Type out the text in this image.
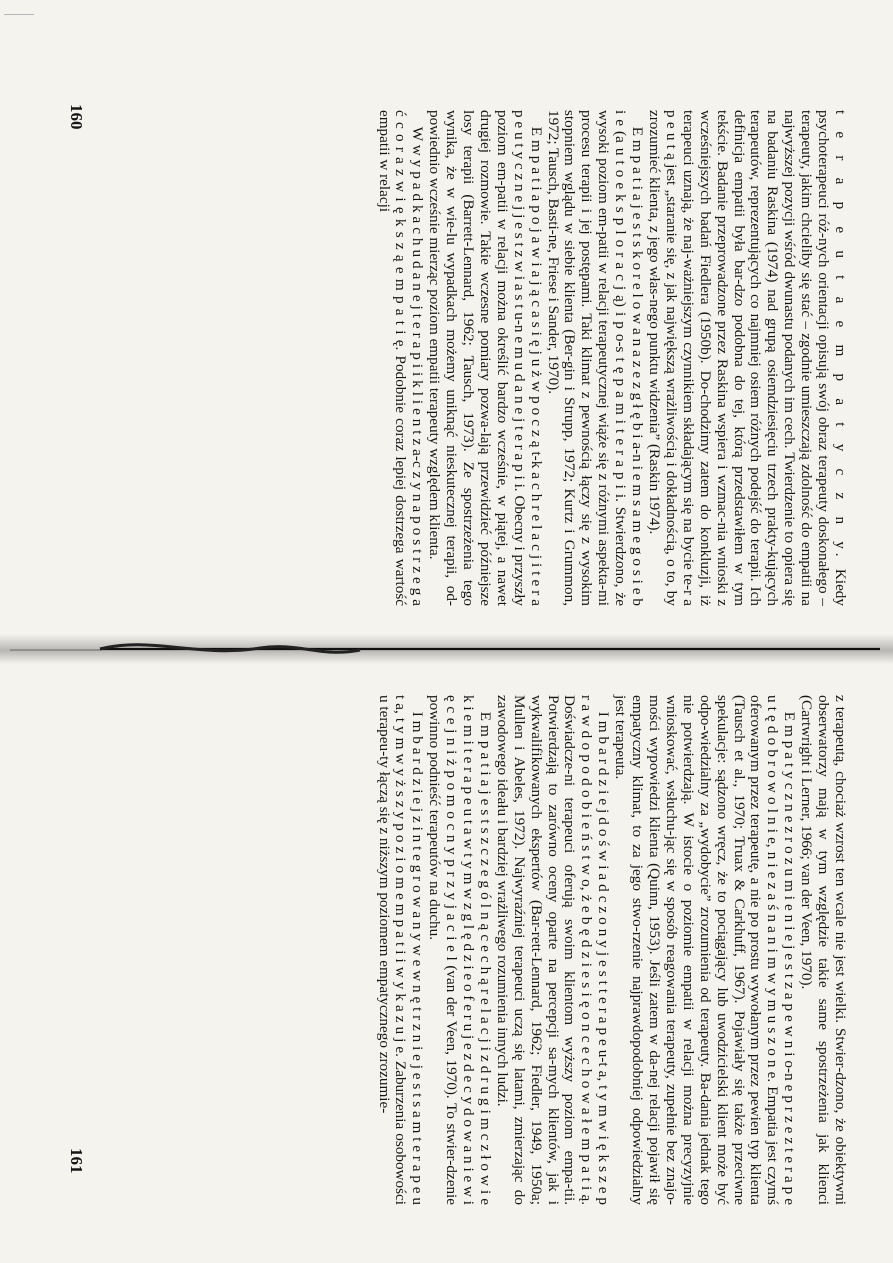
t e r a p e u t a e m p a t y c z n y. Kiedy psychoterapeuci róż-nych orientacji opisują swój obraz terapeuty doskonałego – terapeuty, jakim chcieliby się stać – zgodnie umieszczają zdolność do empatii na najwyższej pozycji wśród dwunastu podanych im cech. Twierdzenie to opiera się na badaniu Raskina (1974) nad grupą osiemdziesięciu trzech prakty-kujących terapeutów, reprezentujących co najmniej osiem różnych podejść do terapii. Ich definicja empatii była bar-dzo podobna do tej, którą przedstawiłem w tym tekście. Badanie przeprowadzone przez Raskina wspiera i wzmac-nia wnioski z wcześniejszych badań Fiedlera (1950b). Do-chodzimy zatem do konkluzji, iż terapeuci uznają, że naj-ważniejszym czynnikiem składającym się na bycie te-r a p e u t ą jest „staranie się, z jak największą wrażliwością i dokładnością, o to, by zrozumieć klienta, z jego włas-nego punktu widzenia” (Raskin 1974).

E m p a t i a j e s t s k o r e l o w a n a z e z g ł ę b i a-n i e m s a m e g o s i e b i e (a u t o e k s p l o r a c j ą) i p o-s t ę p a m i t e r a p i i. Stwierdzono, że wysoki poziom em-patii w relacji terapeutycznej wiąże się z różnymi aspekta-mi procesu terapii i jej postępami. Taki klimat z pewnością łączy się z wysokim stopniem wglądu w siebie klienta (Ber-gin i Strupp, 1972; Kurtz i Grummon, 1972; Tausch, Basti-ne, Friese i Sander, 1970).

E m p a t i a p o j a w i a j ą c a s i ę j u ż w p o c z ą t-k a c h r e l a c j i t e r a p e u t y c z n e j j e s t z w i a s t u-n e m u d a n e j t e r a p i i. Obecny i przyszły poziom em-patii w relacji można określić bardzo wcześnie, w piątej, a nawet drugiej rozmowie. Takie wczesne pomiary pozwa-lają przewidzieć późniejsze losy terapii (Barrett-Lennard, 1962; Tausch, 1973). Ze spostrzeżenia tego wynika, że w wie-lu wypadkach możemy uniknąć nieskutecznej terapii, od-powiednio wcześnie mierząc poziom empatii terapeuty względem klienta.

W w y p a d k a c h u d a n e j t e r a p i i k l i e n t z a-c z y n a p o s t r z e g a ć c o r a z w i ę k s z ą e m p a t i ę. Podobnie coraz lepiej dostrzega wartość empatii w relacji

160

z terapeutą, chociaż wzrost ten wcale nie jest wielki. Stwier-dzono, że obiektywni obserwatorzy mają w tym względzie takie same spostrzeżenia jak klienci (Cartwright i Lerner, 1966; van der Veen, 1970).

E m p a t y c z n e z r o z u m i e n i e j e s t z a p e w n i o-n e p r z e z t e r a p e u t ę d o b r o w o l n i e, n i e z a ś n a n i m w y m u s z o n e. Empatia jest czymś oferowanym przez terapeutę, a nie po prostu wywołanym przez pewien typ klienta (Tausch et al., 1970; Truax & Carkhuff, 1967). Pojawiały się także przeciwne spekulacje: sądzono wręcz, że to pociągający lub uwodzicielski klient może być odpo-wiedzialny za „wydobycie” zrozumienia od terapeuty. Ba-dania jednak tego nie potwierdzają. W istocie o poziomie empatii w relacji można precyzyjnie wnioskować, wsłuchu-jąc się w sposób reagowania terapeuty, zupełnie bez znajo-mości wypowiedzi klienta (Quinn, 1953). Jeśli zatem w da-nej relacji pojawił się empatyczny klimat, to za jego stwo-rzenie najprawdopodobniej odpowiedzialny jest terapeuta.

I m b a r d z i e j d o ś w i a d c z o n y j e s t t e r a p e u-t a, t y m w i ę k s z e p r a w d o p o d o b i e ń s t w o, ż e b ę d z i e s i ę o n c e c h o w a ł e m p a t i ą. Doświadcze-ni terapeuci oferują swoim klientom wyższy poziom empa-tii. Potwierdzają to zarówno oceny oparte na percepcji sa-mych klientów, jak i wykwalifikowanych ekspertów (Bar-rett-Lennard, 1962; Fiedler, 1949, 1950a; Mullen i Abeles, 1972). Najwyraźniej terapeuci uczą się latami, zmierzając do zawodowego ideału i bardziej wrażliwego rozumienia innych ludzi.

E m p a t i a j e s t s z c z e g ó l n ą c e c h ą r e l a c j i z d r u g i m c z ł o w i e k i e m i t e r a p e u t a w t y m w z g l ę d z i e o f e r u j e z d e c y d o w a n i e w i ę c e j n i ż p o m o c n y p r z y j a c i e l (van der Veen, 1970). To stwier-dzenie powinno podnieść terapeutów na duchu.

I m b a r d z i e j z i n t e g r o w a n y w e w n ę t r z n i e j e s t s a m t e r a p e u t a, t y m w y ż s z y p o z i o m e m p a t i i w y k a z u j e. Zaburzenia osobowości u terapeu-ty łączą się z niższym poziomem empatycznego zrozumie-

161
